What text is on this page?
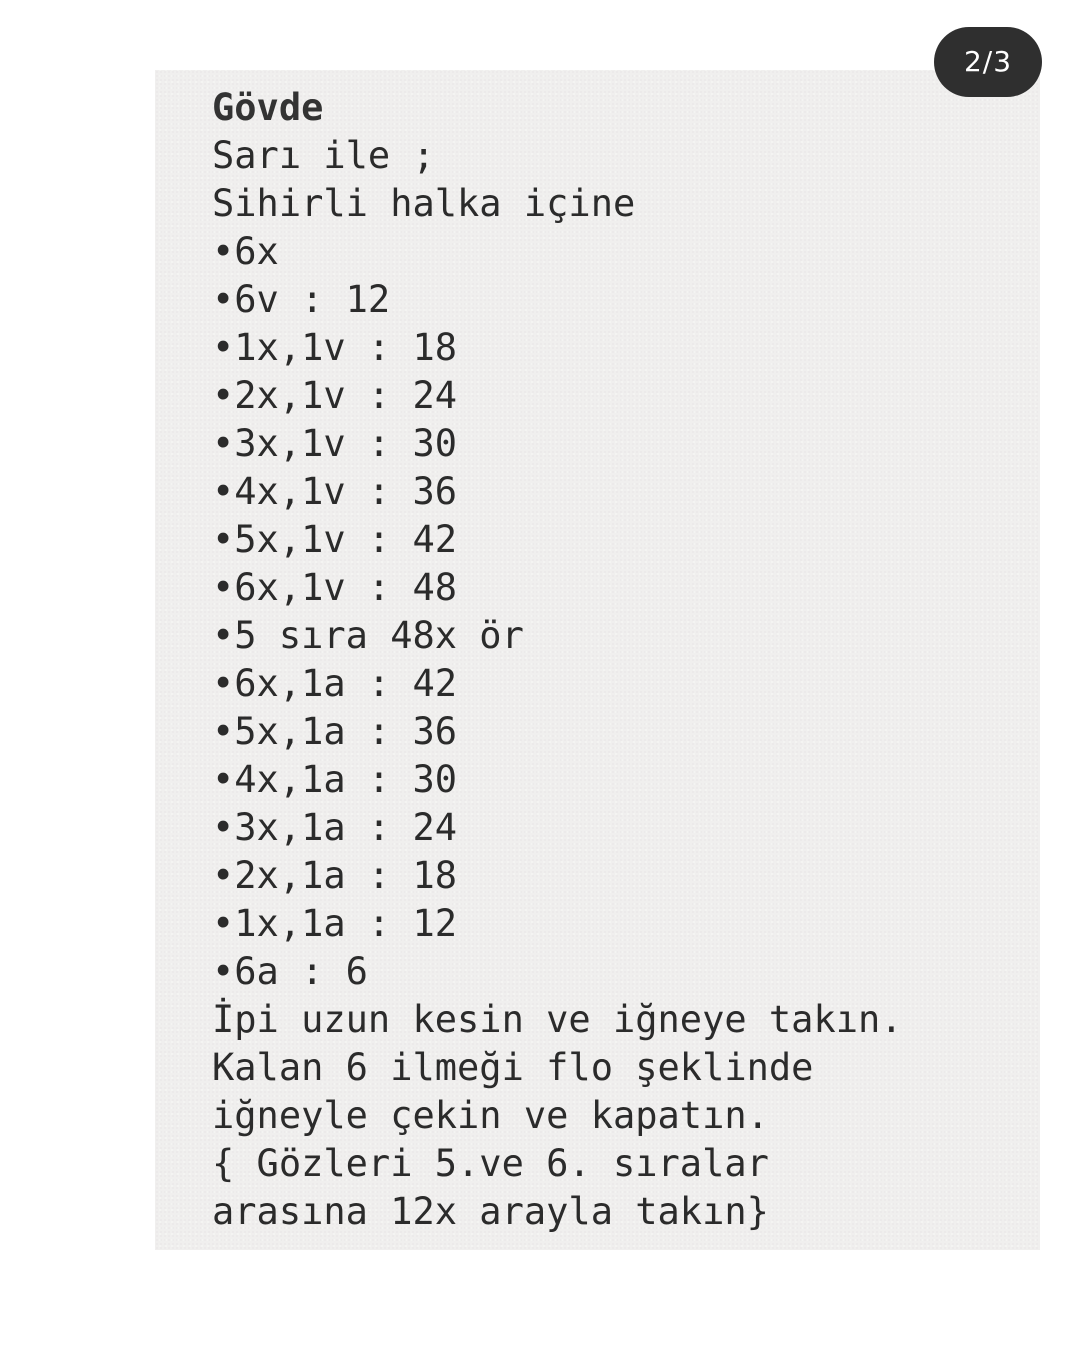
2/3
Gövde
Sarı ile ;
Sihirli halka içine
•6x
•6v : 12
•1x,1v : 18
•2x,1v : 24
•3x,1v : 30
•4x,1v : 36
•5x,1v : 42
•6x,1v : 48
•5 sıra 48x ör
•6x,1a : 42
•5x,1a : 36
•4x,1a : 30
•3x,1a : 24
•2x,1a : 18
•1x,1a : 12
•6a : 6
İpi uzun kesin ve iğneye takın.
Kalan 6 ilmeği flo şeklinde
iğneyle çekin ve kapatın.
{ Gözleri 5.ve 6. sıralar
arasına 12x arayla takın}
